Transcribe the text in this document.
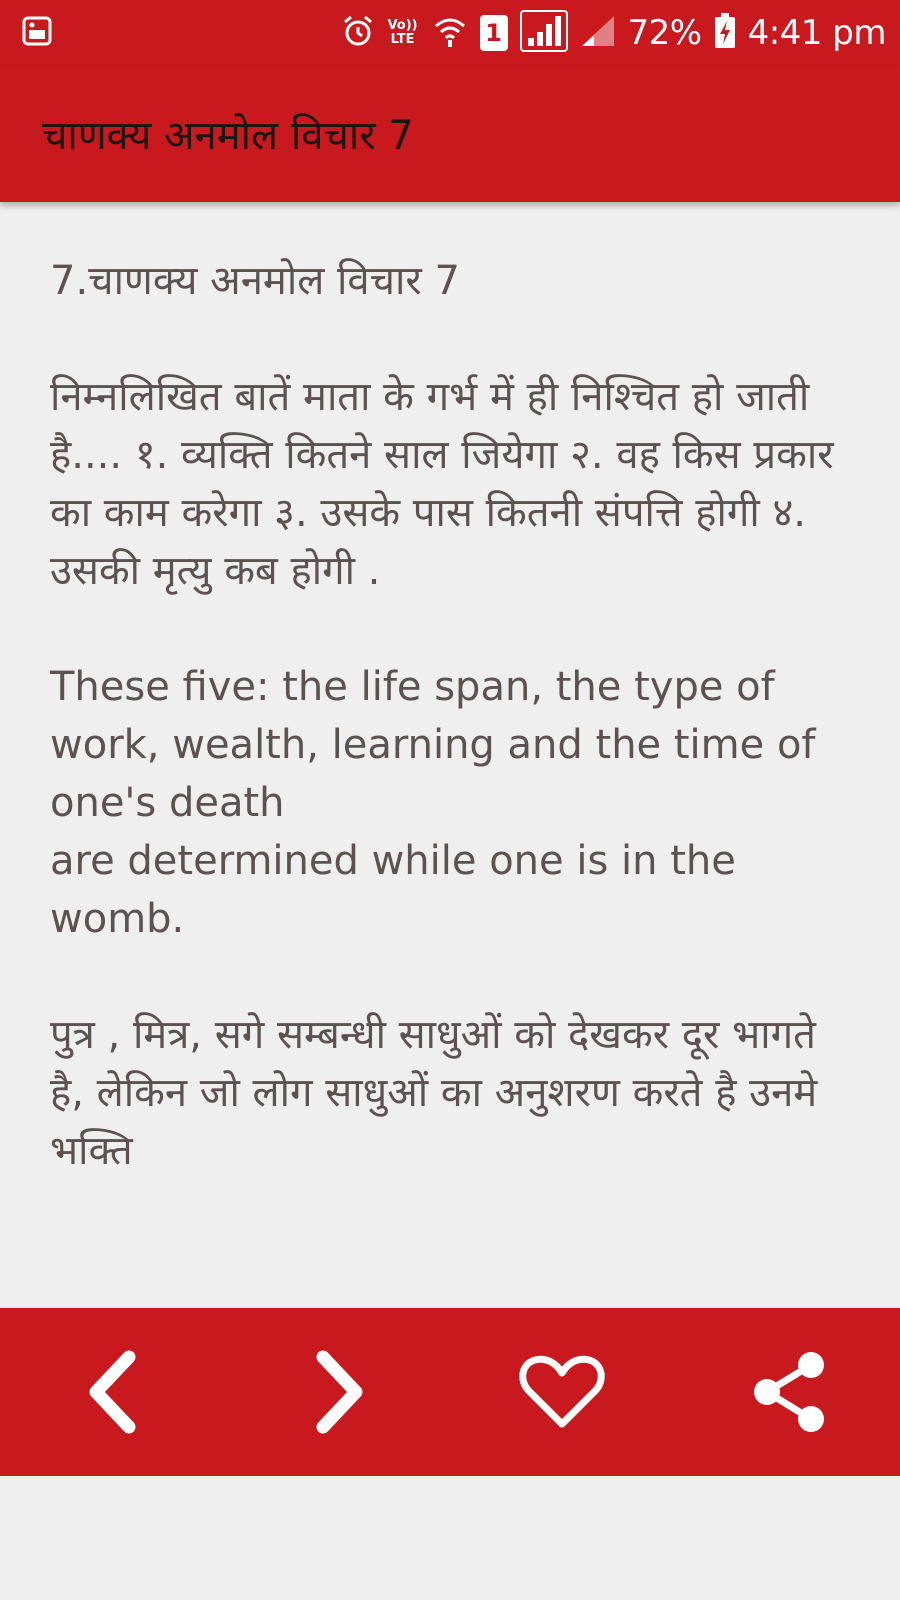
Vo))
LTE	1	72% 4:41 pm
चाणक्य अनमोल विचार 7

7.चाणक्य अनमोल विचार 7

निम्नलिखित बातें माता के गर्भ में ही निश्चित हो जाती है.... १. व्यक्ति कितने साल जियेगा २. वह किस प्रकार का काम करेगा ३. उसके पास कितनी संपत्ति होगी ४. उसकी मृत्यु कब होगी .

These five: the life span, the type of work, wealth, learning and the time of one's death

are determined while one is in the womb.

पुत्र , मित्र, सगे सम्बन्धी साधुओं को देखकर दूर भागते है, लेकिन जो लोग साधुओं का अनुशरण करते है उनमे भक्ति
